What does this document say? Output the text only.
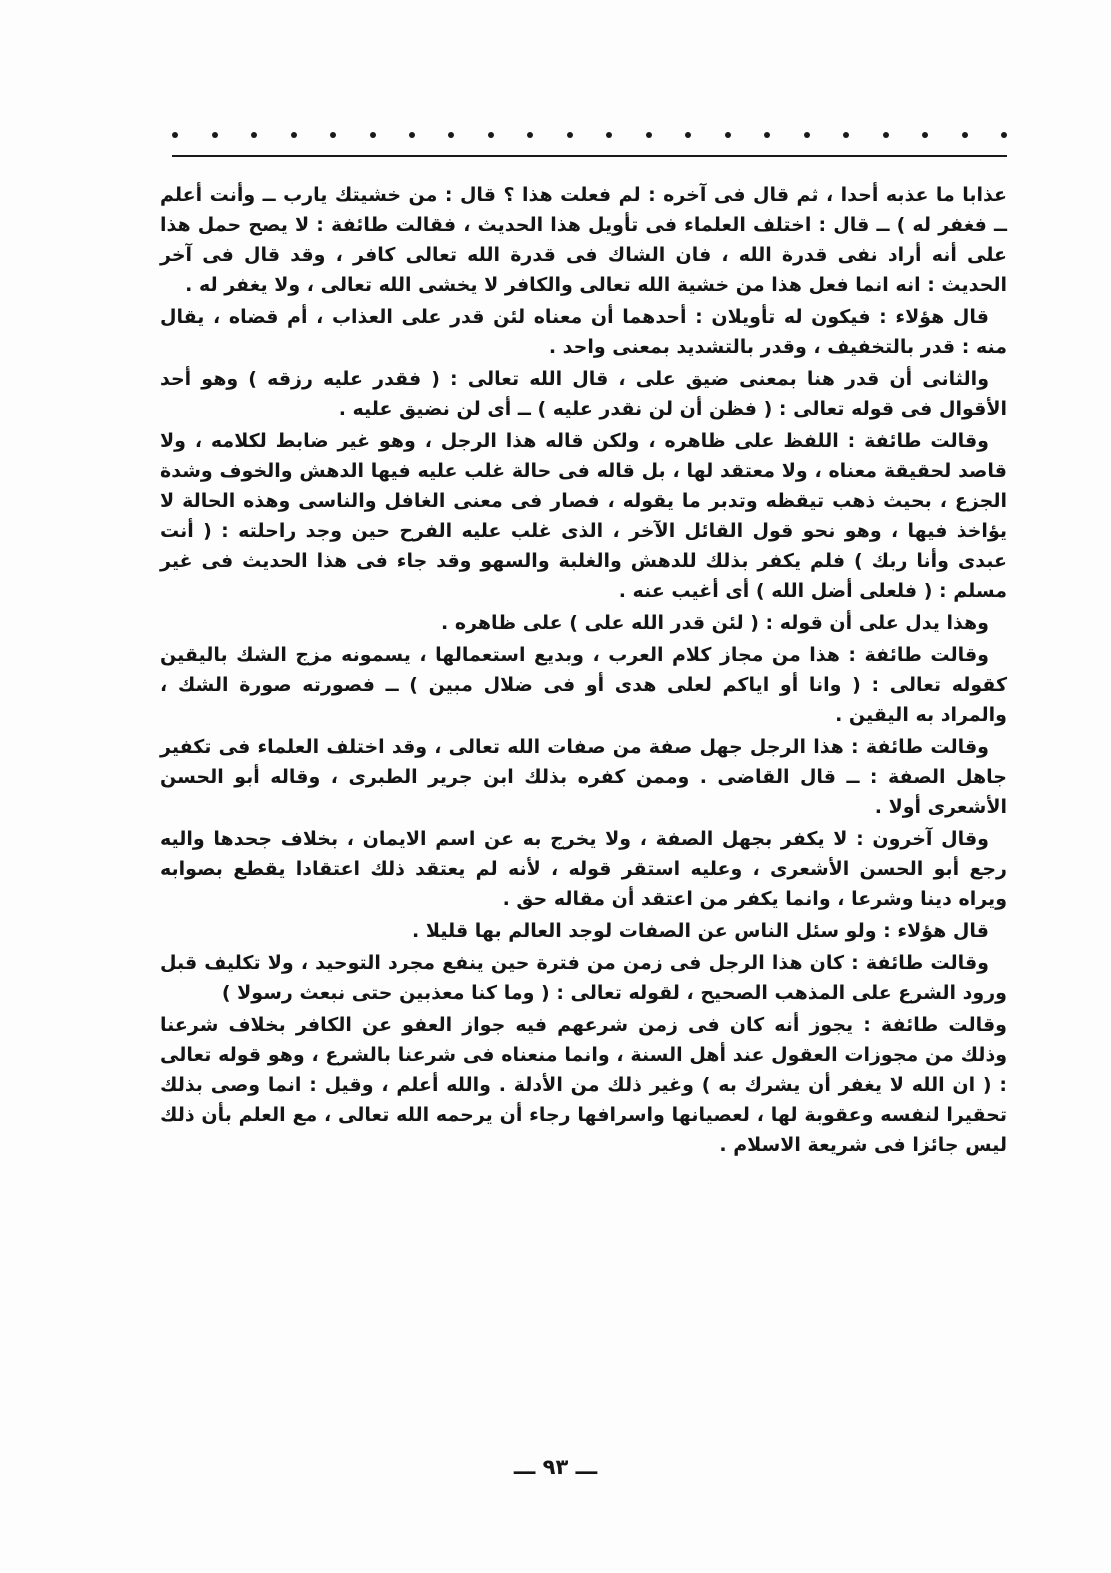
عذابا ما عذبه أحدا ، ثم قال فى آخره : لم فعلت هذا ؟ قال : من خشيتك يارب ــ وأنت أعلم ــ فغفر له ) ــ قال : اختلف العلماء فى تأويل هذا الحديث ، فقالت طائفة : لا يصح حمل هذا على أنه أراد نفى قدرة الله ، فان الشاك فى قدرة الله تعالى كافر ، وقد قال فى آخر الحديث : انه انما فعل هذا من خشية الله تعالى والكافر لا يخشى الله تعالى ، ولا يغفر له .

قال هؤلاء : فيكون له تأويلان : أحدهما أن معناه لئن قدر على العذاب ، أم قضاه ، يقال منه : قدر بالتخفيف ، وقدر بالتشديد بمعنى واحد .

والثانى أن قدر هنا بمعنى ضيق على ، قال الله تعالى : ( فقدر عليه رزقه ) وهو أحد الأقوال فى قوله تعالى : ( فظن أن لن نقدر عليه ) ــ أى لن نضيق عليه .

وقالت طائفة : اللفظ على ظاهره ، ولكن قاله هذا الرجل ، وهو غير ضابط لكلامه ، ولا قاصد لحقيقة معناه ، ولا معتقد لها ، بل قاله فى حالة غلب عليه فيها الدهش والخوف وشدة الجزع ، بحيث ذهب تيقظه وتدبر ما يقوله ، فصار فى معنى الغافل والناسى وهذه الحالة لا يؤاخذ فيها ، وهو نحو قول القائل الآخر ، الذى غلب عليه الفرح حين وجد راحلته : ( أنت عبدى وأنا ربك ) فلم يكفر بذلك للدهش والغلبة والسهو وقد جاء فى هذا الحديث فى غير مسلم : ( فلعلى أضل الله ) أى أغيب عنه .

وهذا يدل على أن قوله : ( لئن قدر الله على ) على ظاهره .

وقالت طائفة : هذا من مجاز كلام العرب ، وبديع استعمالها ، يسمونه مزج الشك باليقين كقوله تعالى : ( وانا أو اياكم لعلى هدى أو فى ضلال مبين ) ــ فصورته صورة الشك ، والمراد به اليقين .

وقالت طائفة : هذا الرجل جهل صفة من صفات الله تعالى ، وقد اختلف العلماء فى تكفير جاهل الصفة : ــ قال القاضى . وممن كفره بذلك ابن جرير الطبرى ، وقاله أبو الحسن الأشعرى أولا .

وقال آخرون : لا يكفر بجهل الصفة ، ولا يخرج به عن اسم الايمان ، بخلاف جحدها واليه رجع أبو الحسن الأشعرى ، وعليه استقر قوله ، لأنه لم يعتقد ذلك اعتقادا يقطع بصوابه ويراه دينا وشرعا ، وانما يكفر من اعتقد أن مقاله حق .

قال هؤلاء : ولو سئل الناس عن الصفات لوجد العالم بها قليلا .

وقالت طائفة : كان هذا الرجل فى زمن من فترة حين ينفع مجرد التوحيد ، ولا تكليف قبل ورود الشرع على المذهب الصحيح ، لقوله تعالى : ( وما كنا معذبين حتى نبعث رسولا )

وقالت طائفة : يجوز أنه كان فى زمن شرعهم فيه جواز العفو عن الكافر بخلاف شرعنا وذلك من مجوزات العقول عند أهل السنة ، وانما منعناه فى شرعنا بالشرع ، وهو قوله تعالى : ( ان الله لا يغفر أن يشرك به ) وغير ذلك من الأدلة . والله أعلم ، وقيل : انما وصى بذلك تحقيرا لنفسه وعقوبة لها ، لعصيانها واسرافها رجاء أن يرحمه الله تعالى ، مع العلم بأن ذلك ليس جائزا فى شريعة الاسلام .

ـــ ٩٣ ـــ
